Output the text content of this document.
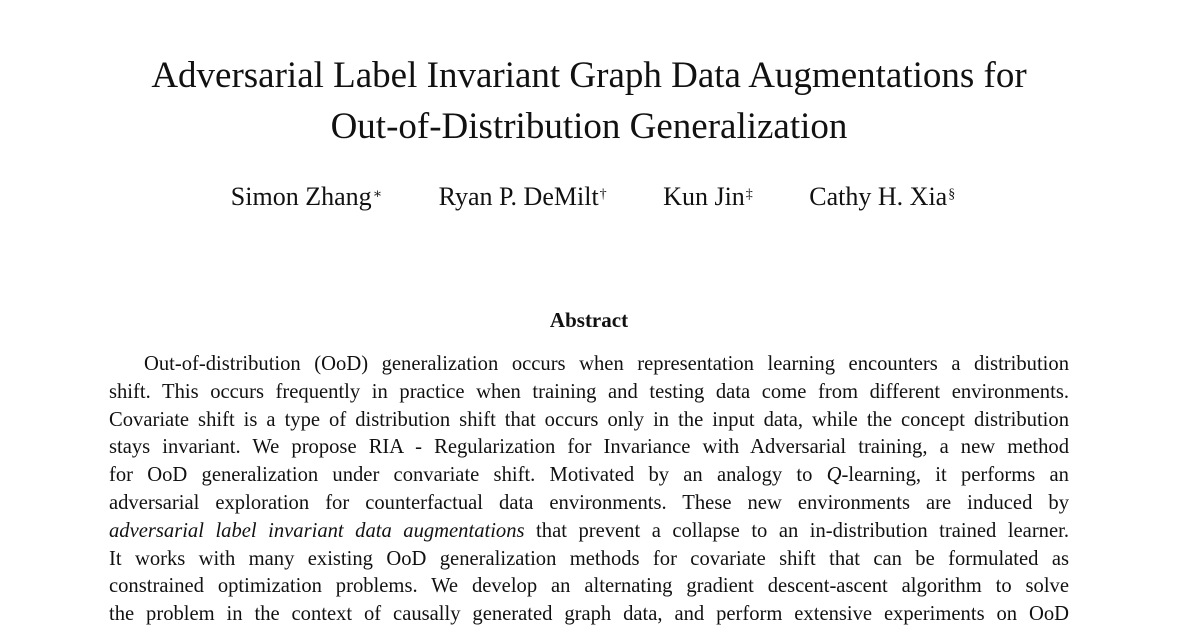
Adversarial Label Invariant Graph Data Augmentations for
Out-of-Distribution Generalization
Simon Zhang∗ Ryan P. DeMilt† Kun Jin‡ Cathy H. Xia§
Abstract
Out-of-distribution (OoD) generalization occurs when representation learning encounters a distribution
shift. This occurs frequently in practice when training and testing data come from different environments.
Covariate shift is a type of distribution shift that occurs only in the input data, while the concept distribution
stays invariant. We propose RIA - Regularization for Invariance with Adversarial training, a new method
for OoD generalization under convariate shift. Motivated by an analogy to Q-learning, it performs an
adversarial exploration for counterfactual data environments. These new environments are induced by
adversarial label invariant data augmentations that prevent a collapse to an in-distribution trained learner.
It works with many existing OoD generalization methods for covariate shift that can be formulated as
constrained optimization problems. We develop an alternating gradient descent-ascent algorithm to solve
the problem in the context of causally generated graph data, and perform extensive experiments on OoD
